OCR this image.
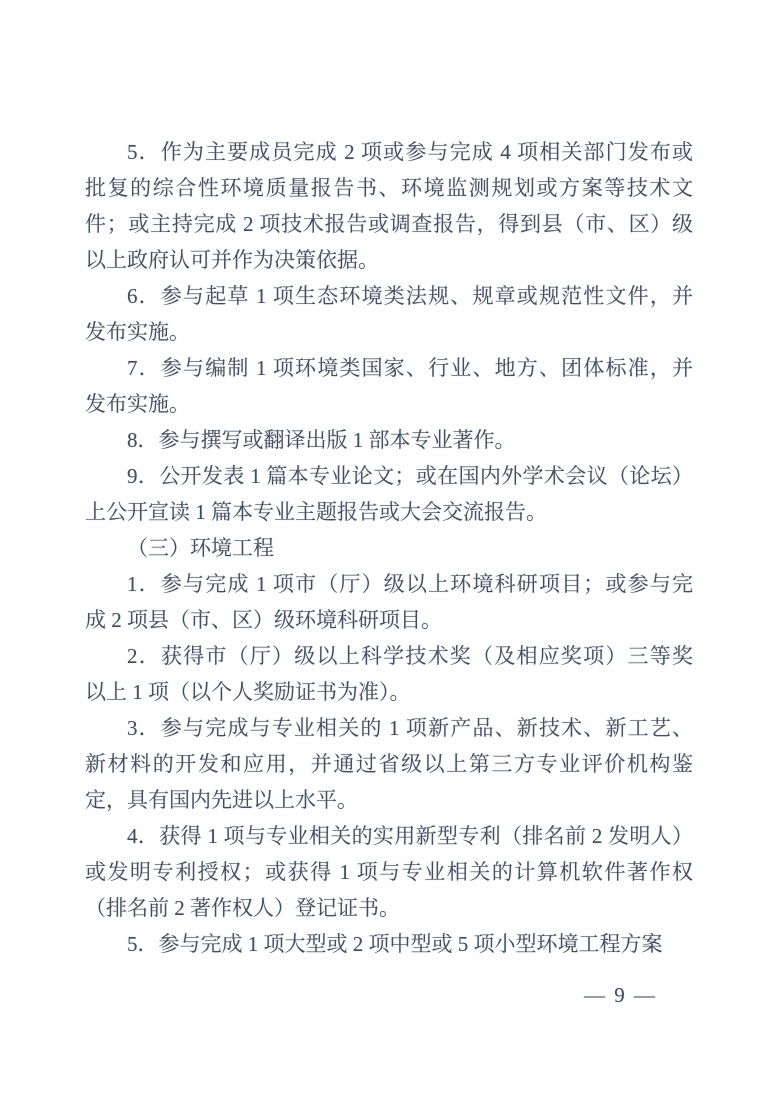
5．作为主要成员完成 2 项或参与完成 4 项相关部门发布或
批复的综合性环境质量报告书、环境监测规划或方案等技术文
件；或主持完成 2 项技术报告或调查报告，得到县（市、区）级
以上政府认可并作为决策依据。
6．参与起草 1 项生态环境类法规、规章或规范性文件，并
发布实施。
7．参与编制 1 项环境类国家、行业、地方、团体标准，并
发布实施。
8．参与撰写或翻译出版 1 部本专业著作。
9．公开发表 1 篇本专业论文；或在国内外学术会议（论坛）
上公开宣读 1 篇本专业主题报告或大会交流报告。
（三）环境工程
1．参与完成 1 项市（厅）级以上环境科研项目；或参与完
成 2 项县（市、区）级环境科研项目。
2．获得市（厅）级以上科学技术奖（及相应奖项）三等奖
以上 1 项（以个人奖励证书为准）。
3．参与完成与专业相关的 1 项新产品、新技术、新工艺、
新材料的开发和应用，并通过省级以上第三方专业评价机构鉴
定，具有国内先进以上水平。
4．获得 1 项与专业相关的实用新型专利（排名前 2 发明人）
或发明专利授权；或获得 1 项与专业相关的计算机软件著作权
（排名前 2 著作权人）登记证书。
5．参与完成 1 项大型或 2 项中型或 5 项小型环境工程方案
— 9 —
